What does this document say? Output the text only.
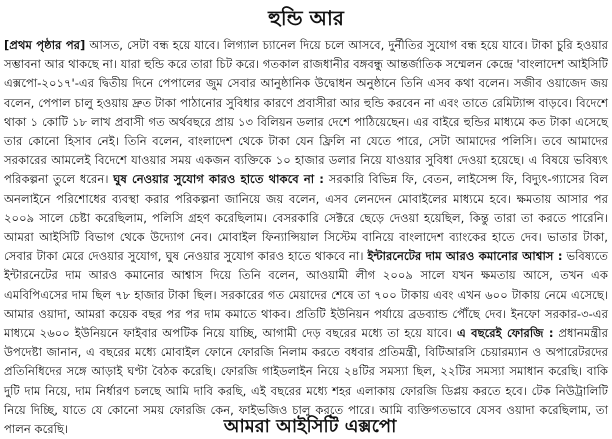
হুন্ডি আর

[প্রথম পৃষ্ঠার পর] আসত, সেটা বন্ধ হয়ে যাবে। লিগ্যাল চ্যানেল দিয়ে চলে আসবে, দুর্নীতির সুযোগ বন্ধ হয়ে যাবে। টাকা চুরি হওয়ার সম্ভাবনা আর থাকছে না। যারা হুন্ডি করে তারা চিট করে। গতকাল রাজধানীর বঙ্গবন্ধু আন্তর্জাতিক সম্মেলন কেন্দ্রে 'বাংলাদেশ আইসিটি এক্সপো-২০১৭'-এর দ্বিতীয় দিনে পেপালের জুম সেবার আনুষ্ঠানিক উদ্বোধন অনুষ্ঠানে তিনি এসব কথা বলেন। সজীব ওয়াজেদ জয় বলেন, পেপাল চালু হওয়ায় দ্রুত টাকা পাঠানোর সুবিধার কারণে প্রবাসীরা আর হুন্ডি করবেন না এবং তাতে রেমিট্যান্স বাড়বে। বিদেশে থাকা ১ কোটি ১৮ লাখ প্রবাসী গত অর্থবছরে প্রায় ১৩ বিলিয়ন ডলার দেশে পাঠিয়েছেন। এর বাইরে হুন্ডির মাধ্যমে কত টাকা এসেছে তার কোনো হিসাব নেই। তিনি বলেন, বাংলাদেশ থেকে টাকা যেন ফ্রিলি না যেতে পারে, সেটা আমাদের পলিসি। তবে আমাদের সরকারের আমলেই বিদেশে যাওয়ার সময় একজন ব্যক্তিকে ১০ হাজার ডলার নিয়ে যাওয়ার সুবিধা দেওয়া হয়েছে। এ বিষয়ে ভবিষ্যৎ পরিকল্পনা তুলে ধরেন। ঘুষ নেওয়ার সুযোগ কারও হাতে থাকবে না : সরকারি বিভিন্ন ফি, বেতন, লাইসেন্স ফি, বিদ্যুৎ-গ্যাসের বিল অনলাইনে পরিশোধের ব্যবস্থা করার পরিকল্পনা জানিয়ে জয় বলেন, এসব লেনদেন মোবাইলের মাধ্যমে হবে। ক্ষমতায় আসার পর ২০০৯ সালে চেষ্টা করেছিলাম, পলিসি গ্রহণ করেছিলাম। বেসরকারি সেক্টরে ছেড়ে দেওয়া হয়েছিল, কিন্তু তারা তা করতে পারেনি। আমরা আইসিটি বিভাগ থেকে উদ্যোগ নেব। মোবাইল ফিন্যান্সিয়াল সিস্টেম বানিয়ে বাংলাদেশ ব্যাংকের হাতে দেব। ভাতার টাকা, সেবার টাকা মেরে দেওয়ার সুযোগ, ঘুষ নেওয়ার সুযোগ কারও হাতে থাকবে না। ইন্টারনেটের দাম আরও কমানোর আশ্বাস : ভবিষ্যতে ইন্টারনেটের দাম আরও কমানোর আশ্বাস দিয়ে তিনি বলেন, আওয়ামী লীগ ২০০৯ সালে যখন ক্ষমতায় আসে, তখন এক এমবিপিএসের দাম ছিল ৭৮ হাজার টাকা ছিল। সরকারের গত মেয়াদের শেষে তা ৭০০ টাকায় এবং এখন ৬০০ টাকায় নেমে এসেছে। আমার ওয়াদা, আমরা কয়েক বছর পর পর দাম কমাতে থাকব। প্রতিটি ইউনিয়ন পর্যায়ে ব্রডব্যান্ড পৌঁছে দেব। ইনফো সরকার-৩-এর মাধ্যমে ২৬০০ ইউনিয়নে ফাইবার অপটিক নিয়ে যাচ্ছি, আগামী দেড় বছরের মধ্যে তা হয়ে যাবে। এ বছরেই ফোরজি : প্রধানমন্ত্রীর উপদেষ্টা জানান, এ বছরের মধ্যে মোবাইল ফোনে ফোরজি নিলাম করতে বধবার প্রতিমন্ত্রী, বিটিআরসি চেয়ারম্যান ও অপারেটরদের প্রতিনিধিদের সঙ্গে আড়াই ঘণ্টা বৈঠক করেছি। ফোরজি গাইডলাইন নিয়ে ২৪টির সমস্যা ছিল, ২২টির সমস্যা সমাধান করেছি। বাকি দুটি দাম নিয়ে, দাম নির্ধারণ চলছে আমি দাবি করছি, এই বছরের মধ্যে শহর এলাকায় ফোরজি ডিপ্লয় করতে হবে। টেক নিউট্রালিটি নিয়ে দিচ্ছি, যাতে যে কোনো সময় ফোরজি কেন, ফাইভজিও চালু করতে পারে। আমি ব্যক্তিগতভাবে যেসব ওয়াদা করেছিলাম, তা পালন করেছি।	আমরা আইসিটি এক্সপো
